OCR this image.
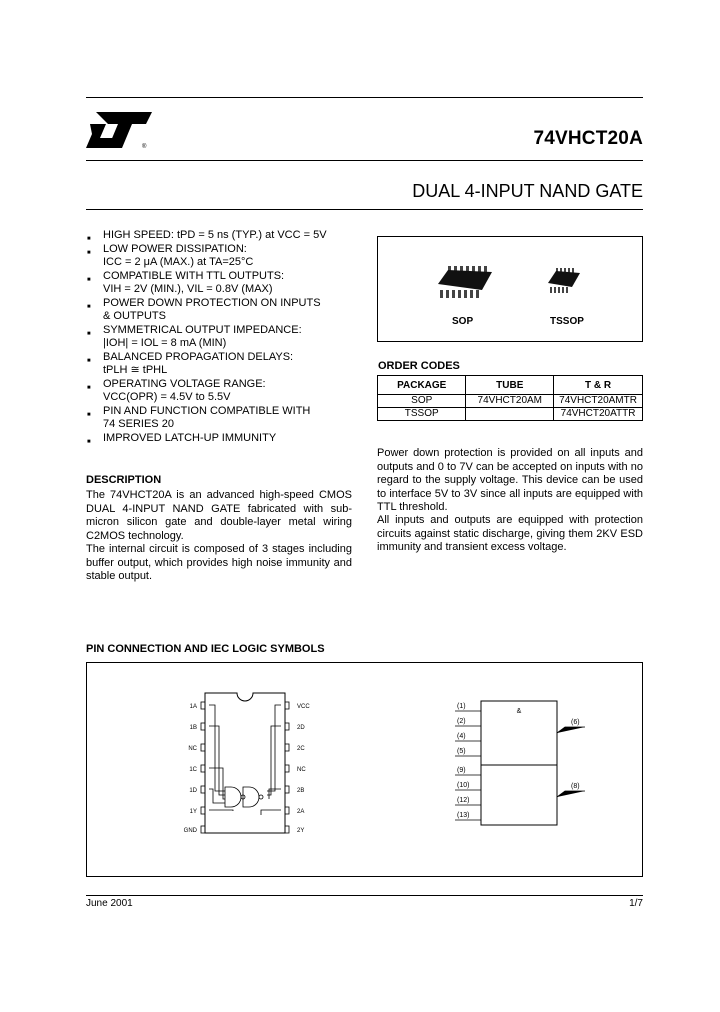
®	74VHCT20A
DUAL 4-INPUT NAND GATE
■ HIGH SPEED: tPD = 5 ns (TYP.) at VCC = 5V
■ LOW POWER DISSIPATION:
ICC = 2 μA (MAX.) at TA=25°C
■ COMPATIBLE WITH TTL OUTPUTS:
VIH = 2V (MIN.), VIL = 0.8V (MAX)
■ POWER DOWN PROTECTION ON INPUTS
& OUTPUTS
■ SYMMETRICAL OUTPUT IMPEDANCE:
|IOH| = IOL = 8 mA (MIN)
■ BALANCED PROPAGATION DELAYS:
tPLH ≅ tPHL
■ OPERATING VOLTAGE RANGE:
VCC(OPR) = 4.5V to 5.5V
■ PIN AND FUNCTION COMPATIBLE WITH
74 SERIES 20
■ IMPROVED LATCH-UP IMMUNITY
DESCRIPTION
The 74VHCT20A is an advanced high-speed CMOS DUAL 4-INPUT NAND GATE fabricated with sub-micron silicon gate and double-layer metal wiring C2MOS technology.
The internal circuit is composed of 3 stages including buffer output, which provides high noise immunity and stable output.
SOP	TSSOP
ORDER CODES
PACKAGE	TUBE	T & R
SOP	74VHCT20AM	74VHCT20AMTR
TSSOP		74VHCT20ATTR
Power down protection is provided on all inputs and outputs and 0 to 7V can be accepted on inputs with no regard to the supply voltage. This device can be used to interface 5V to 3V since all inputs are equipped with TTL threshold.
All inputs and outputs are equipped with protection circuits against static discharge, giving them 2KV ESD immunity and transient excess voltage.
PIN CONNECTION AND IEC LOGIC SYMBOLS
1A
1B
NC
1C
1D
1Y
GND
VCC
2D
2C
NC
2B
2A
2Y
&
(1)
(2)
(4)
(5)
(9)
(10)
(12)
(13)
(6)
(8)
June 2001	1/7
